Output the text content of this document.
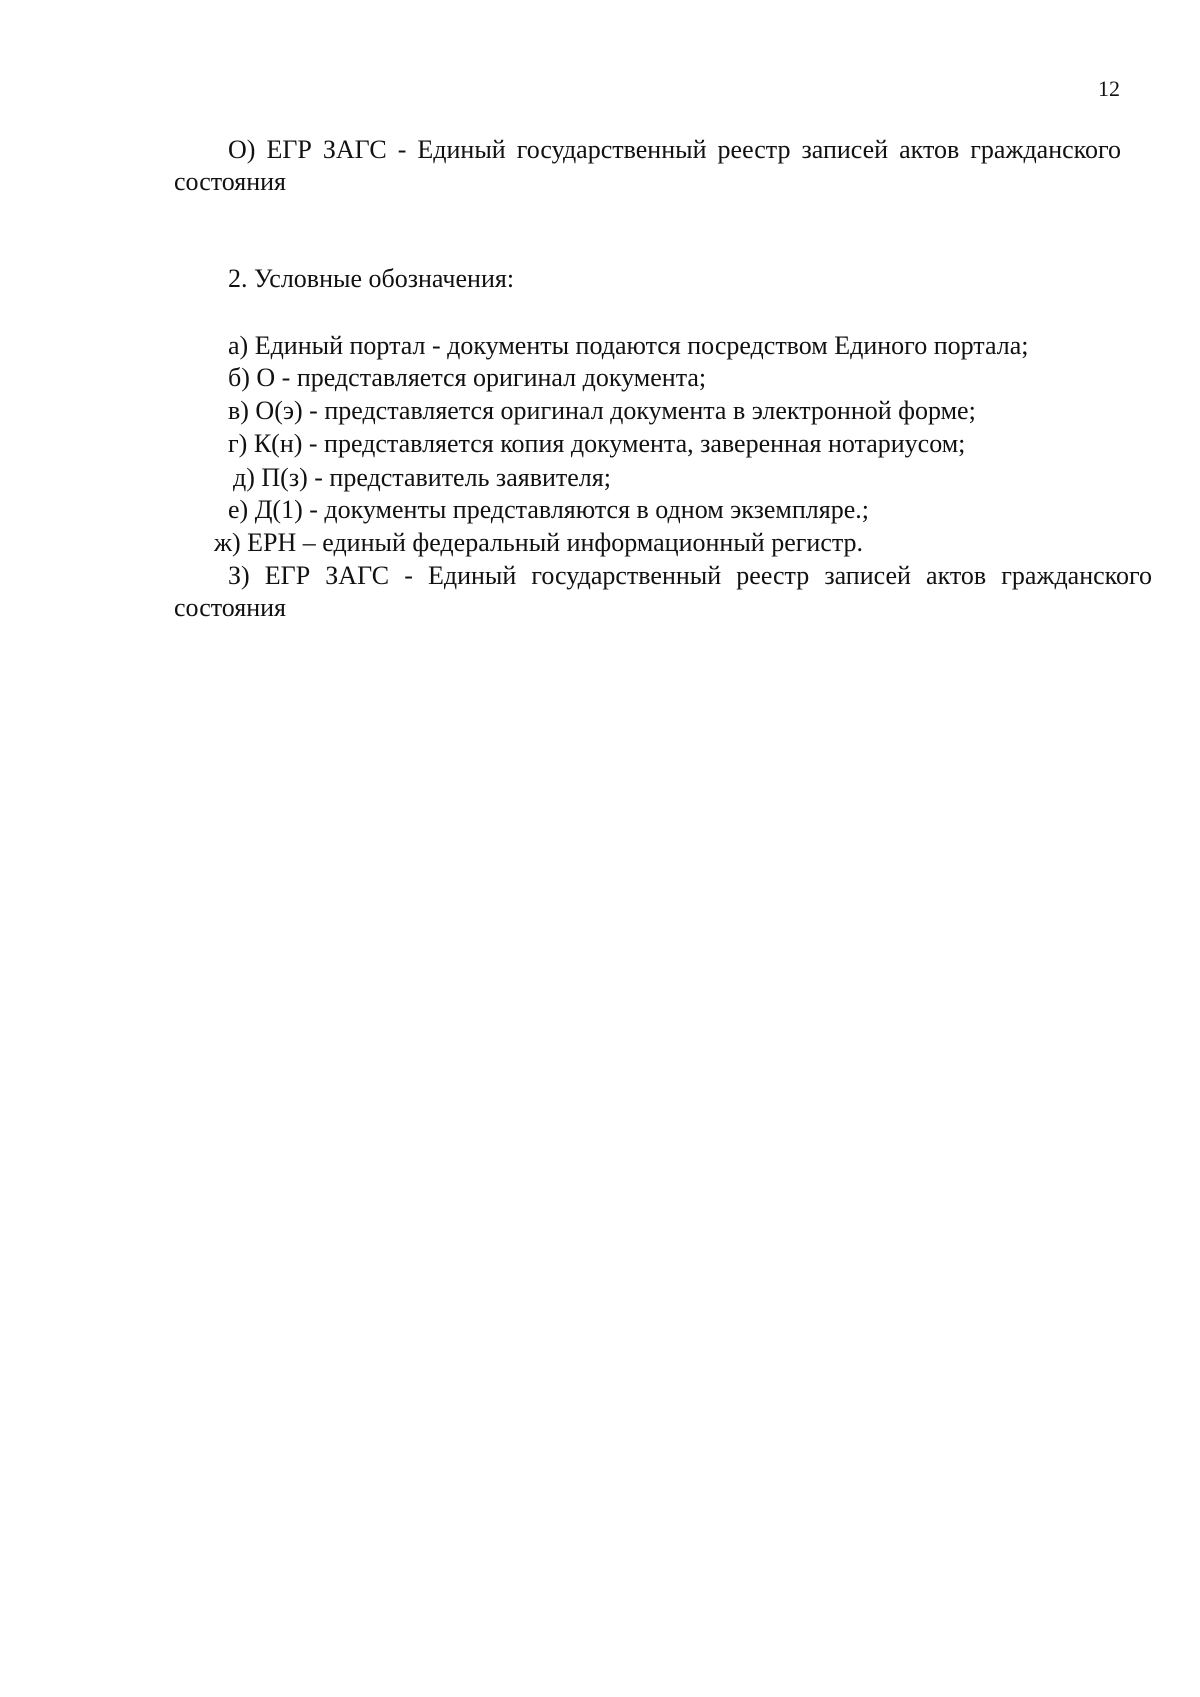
12

О) ЕГР ЗАГС - Единый государственный реестр записей актов гражданского состояния

2. Условные обозначения:
а) Единый портал - документы подаются посредством Единого портала;
б) О - представляется оригинал документа;
в) О(э) - представляется оригинал документа в электронной форме;
г) К(н) - представляется копия документа, заверенная нотариусом;
д) П(з) - представитель заявителя;
е) Д(1) - документы представляются в одном экземпляре.;
ж) ЕРН – единый федеральный информационный регистр.

З) ЕГР ЗАГС - Единый государственный реестр записей актов гражданского состояния
